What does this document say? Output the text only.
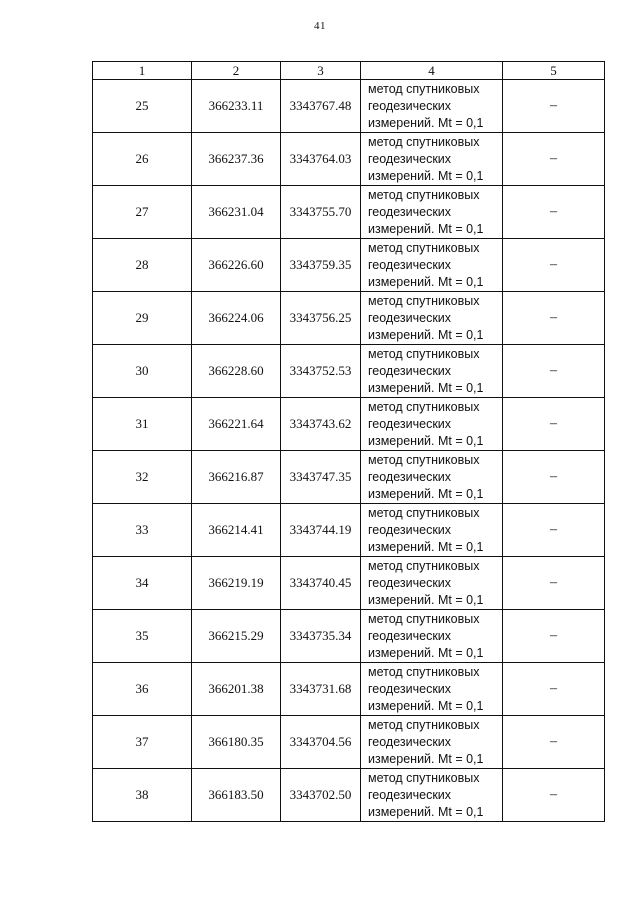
41
1	2	3	4	5
25	366233.11	3343767.48	метод спутниковых
геодезических
измерений. Mt = 0,1	–
26	366237.36	3343764.03	метод спутниковых
геодезических
измерений. Mt = 0,1	–
27	366231.04	3343755.70	метод спутниковых
геодезических
измерений. Mt = 0,1	–
28	366226.60	3343759.35	метод спутниковых
геодезических
измерений. Mt = 0,1	–
29	366224.06	3343756.25	метод спутниковых
геодезических
измерений. Mt = 0,1	–
30	366228.60	3343752.53	метод спутниковых
геодезических
измерений. Mt = 0,1	–
31	366221.64	3343743.62	метод спутниковых
геодезических
измерений. Mt = 0,1	–
32	366216.87	3343747.35	метод спутниковых
геодезических
измерений. Mt = 0,1	–
33	366214.41	3343744.19	метод спутниковых
геодезических
измерений. Mt = 0,1	–
34	366219.19	3343740.45	метод спутниковых
геодезических
измерений. Mt = 0,1	–
35	366215.29	3343735.34	метод спутниковых
геодезических
измерений. Mt = 0,1	–
36	366201.38	3343731.68	метод спутниковых
геодезических
измерений. Mt = 0,1	–
37	366180.35	3343704.56	метод спутниковых
геодезических
измерений. Mt = 0,1	–
38	366183.50	3343702.50	метод спутниковых
геодезических
измерений. Mt = 0,1	–
